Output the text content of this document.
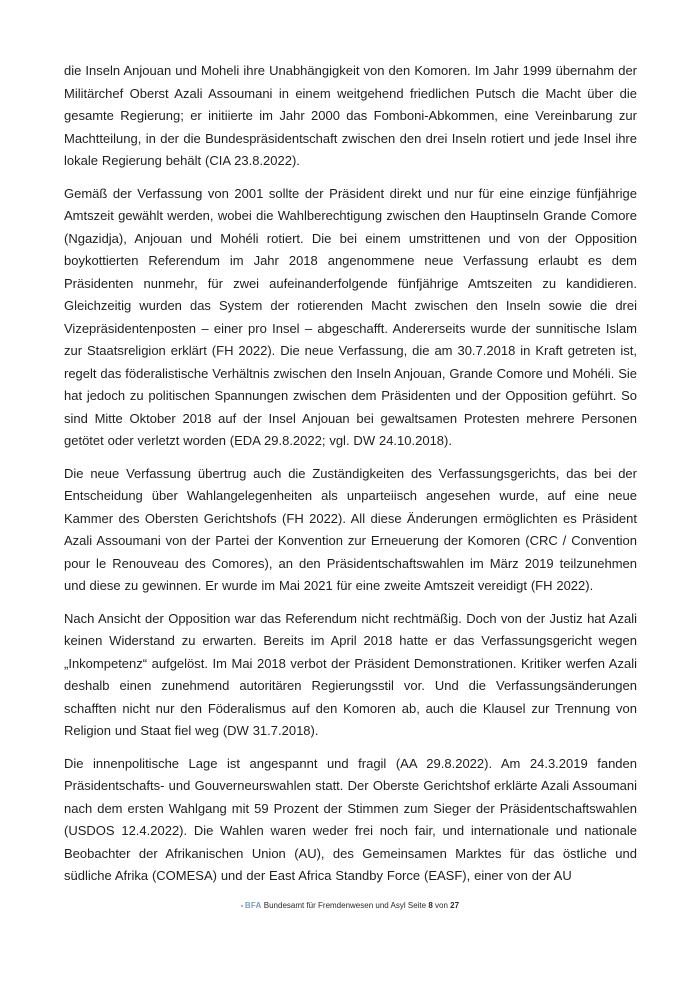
die Inseln Anjouan und Moheli ihre Unabhängigkeit von den Komoren. Im Jahr 1999 übernahm der Militärchef Oberst Azali Assoumani in einem weitgehend friedlichen Putsch die Macht über die gesamte Regierung; er initiierte im Jahr 2000 das Fomboni-Abkommen, eine Vereinbarung zur Machtteilung, in der die Bundespräsidentschaft zwischen den drei Inseln rotiert und jede Insel ihre lokale Regierung behält (CIA 23.8.2022).

Gemäß der Verfassung von 2001 sollte der Präsident direkt und nur für eine einzige fünfjährige Amtszeit gewählt werden, wobei die Wahlberechtigung zwischen den Hauptinseln Grande Comore (Ngazidja), Anjouan und Mohéli rotiert. Die bei einem umstrittenen und von der Opposition boykottierten Referendum im Jahr 2018 angenommene neue Verfassung erlaubt es dem Präsidenten nunmehr, für zwei aufeinanderfolgende fünfjährige Amtszeiten zu kandidieren. Gleichzeitig wurden das System der rotierenden Macht zwischen den Inseln sowie die drei Vizepräsidentenposten – einer pro Insel – abgeschafft. Andererseits wurde der sunnitische Islam zur Staatsreligion erklärt (FH 2022). Die neue Verfassung, die am 30.7.2018 in Kraft getreten ist, regelt das föderalistische Verhältnis zwischen den Inseln Anjouan, Grande Comore und Mohéli. Sie hat jedoch zu politischen Spannungen zwischen dem Präsidenten und der Opposition geführt. So sind Mitte Oktober 2018 auf der Insel Anjouan bei gewaltsamen Protesten mehrere Personen getötet oder verletzt worden (EDA 29.8.2022; vgl. DW 24.10.2018).

Die neue Verfassung übertrug auch die Zuständigkeiten des Verfassungsgerichts, das bei der Entscheidung über Wahlangelegenheiten als unparteiisch angesehen wurde, auf eine neue Kammer des Obersten Gerichtshofs (FH 2022). All diese Änderungen ermöglichten es Präsident Azali Assoumani von der Partei der Konvention zur Erneuerung der Komoren (CRC / Convention pour le Renouveau des Comores), an den Präsidentschaftswahlen im März 2019 teilzunehmen und diese zu gewinnen. Er wurde im Mai 2021 für eine zweite Amtszeit vereidigt (FH 2022).

Nach Ansicht der Opposition war das Referendum nicht rechtmäßig. Doch von der Justiz hat Azali keinen Widerstand zu erwarten. Bereits im April 2018 hatte er das Verfassungsgericht wegen „Inkompetenz“ aufgelöst. Im Mai 2018 verbot der Präsident Demonstrationen. Kritiker werfen Azali deshalb einen zunehmend autoritären Regierungsstil vor. Und die Verfassungsänderungen schafften nicht nur den Föderalismus auf den Komoren ab, auch die Klausel zur Trennung von Religion und Staat fiel weg (DW 31.7.2018).

Die innenpolitische Lage ist angespannt und fragil (AA 29.8.2022). Am 24.3.2019 fanden Präsidentschafts- und Gouverneurswahlen statt. Der Oberste Gerichtshof erklärte Azali Assoumani nach dem ersten Wahlgang mit 59 Prozent der Stimmen zum Sieger der Präsidentschaftswahlen (USDOS 12.4.2022). Die Wahlen waren weder frei noch fair, und internationale und nationale Beobachter der Afrikanischen Union (AU), des Gemeinsamen Marktes für das östliche und südliche Afrika (COMESA) und der East Africa Standby Force (EASF), einer von der AU

BFA Bundesamt für Fremdenwesen und Asyl Seite 8 von 27
